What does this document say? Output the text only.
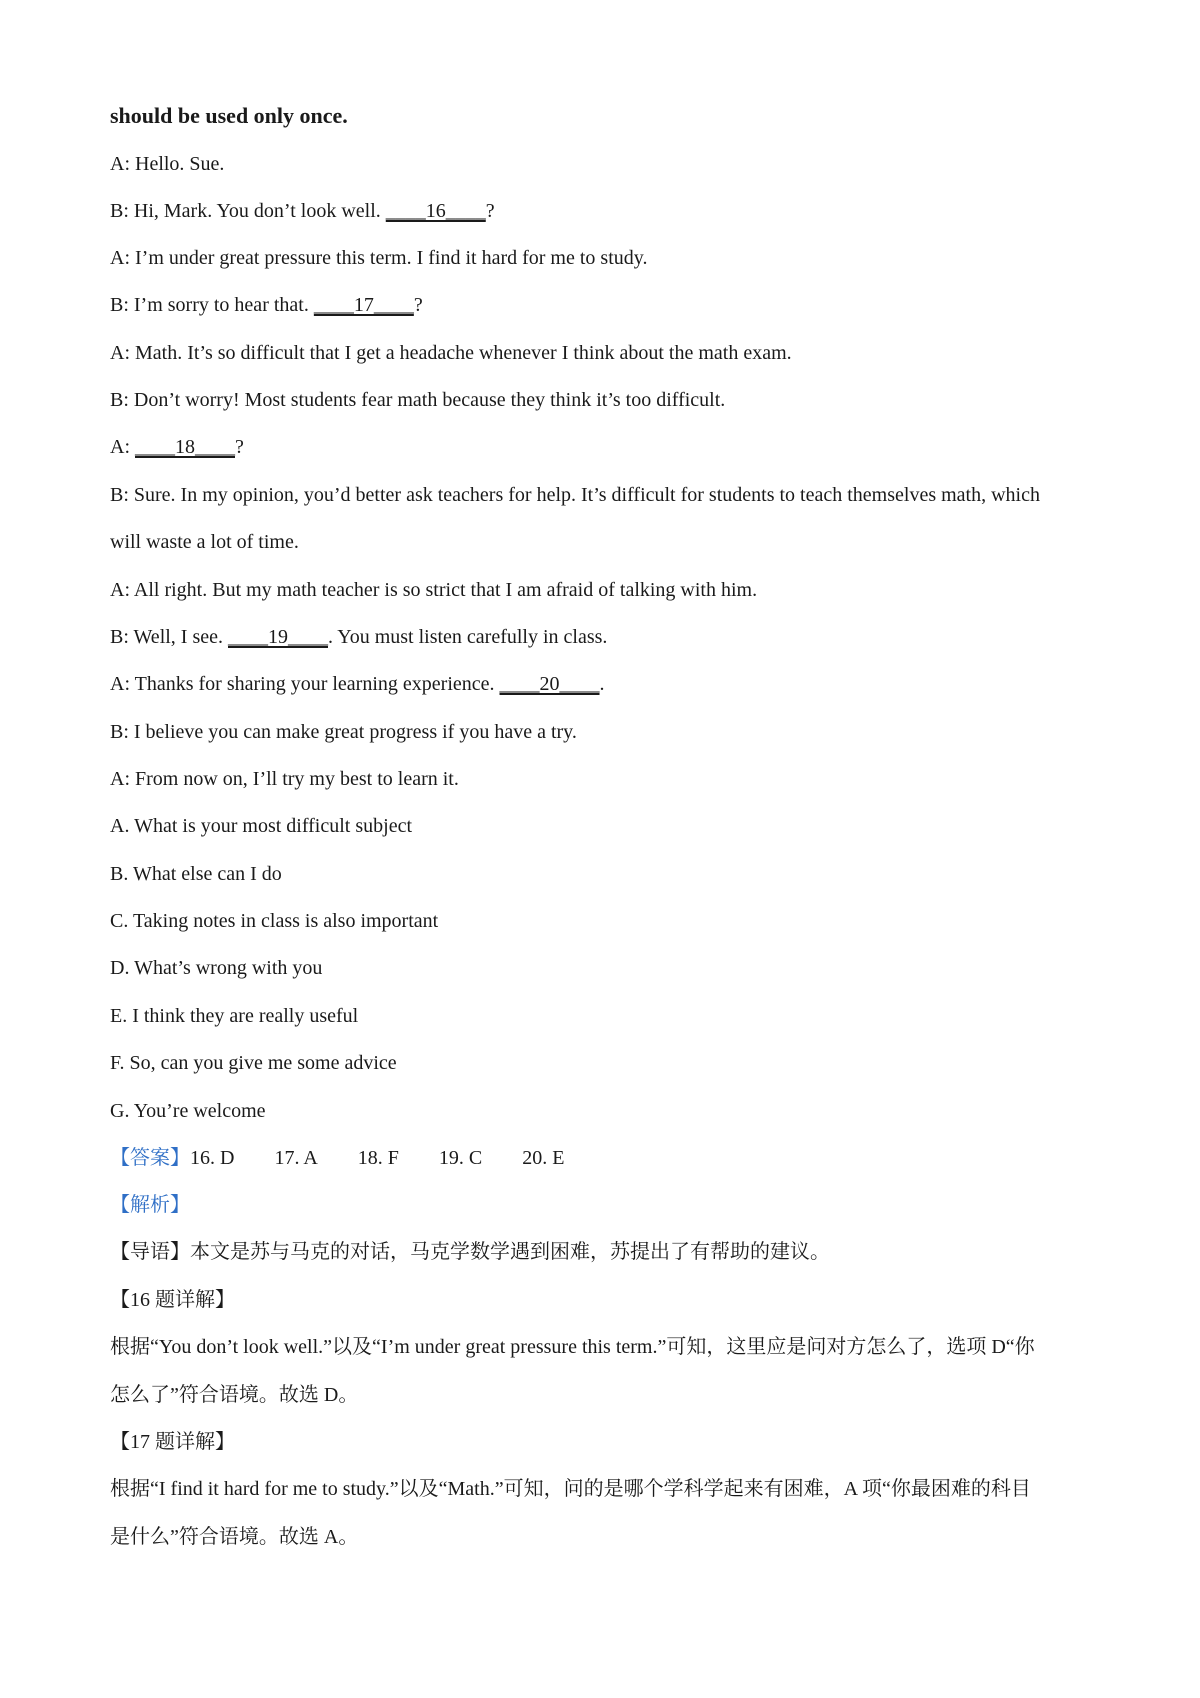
should be used only once.
A: Hello. Sue.
B: Hi, Mark. You don’t look well. ____16____?
A: I’m under great pressure this term. I find it hard for me to study.
B: I’m sorry to hear that. ____17____?
A: Math. It’s so difficult that I get a headache whenever I think about the math exam.
B: Don’t worry! Most students fear math because they think it’s too difficult.
A: ____18____?
B: Sure. In my opinion, you’d better ask teachers for help. It’s difficult for students to teach themselves math, which
will waste a lot of time.
A: All right. But my math teacher is so strict that I am afraid of talking with him.
B: Well, I see. ____19____. You must listen carefully in class.
A: Thanks for sharing your learning experience. ____20____.
B: I believe you can make great progress if you have a try.
A: From now on, I’ll try my best to learn it.
A. What is your most difficult subject
B. What else can I do
C. Taking notes in class is also important
D. What’s wrong with you
E. I think they are really useful
F. So, can you give me some advice
G. You’re welcome
【答案】16. D 17. A 18. F 19. C 20. E
【解析】
【导语】本文是苏与马克的对话，马克学数学遇到困难，苏提出了有帮助的建议。
【16 题详解】
根据“You don’t look well.”以及“I’m under great pressure this term.”可知，这里应是问对方怎么了，选项 D“你
怎么了”符合语境。故选 D。
【17 题详解】
根据“I find it hard for me to study.”以及“Math.”可知，问的是哪个学科学起来有困难，A 项“你最困难的科目
是什么”符合语境。故选 A。
